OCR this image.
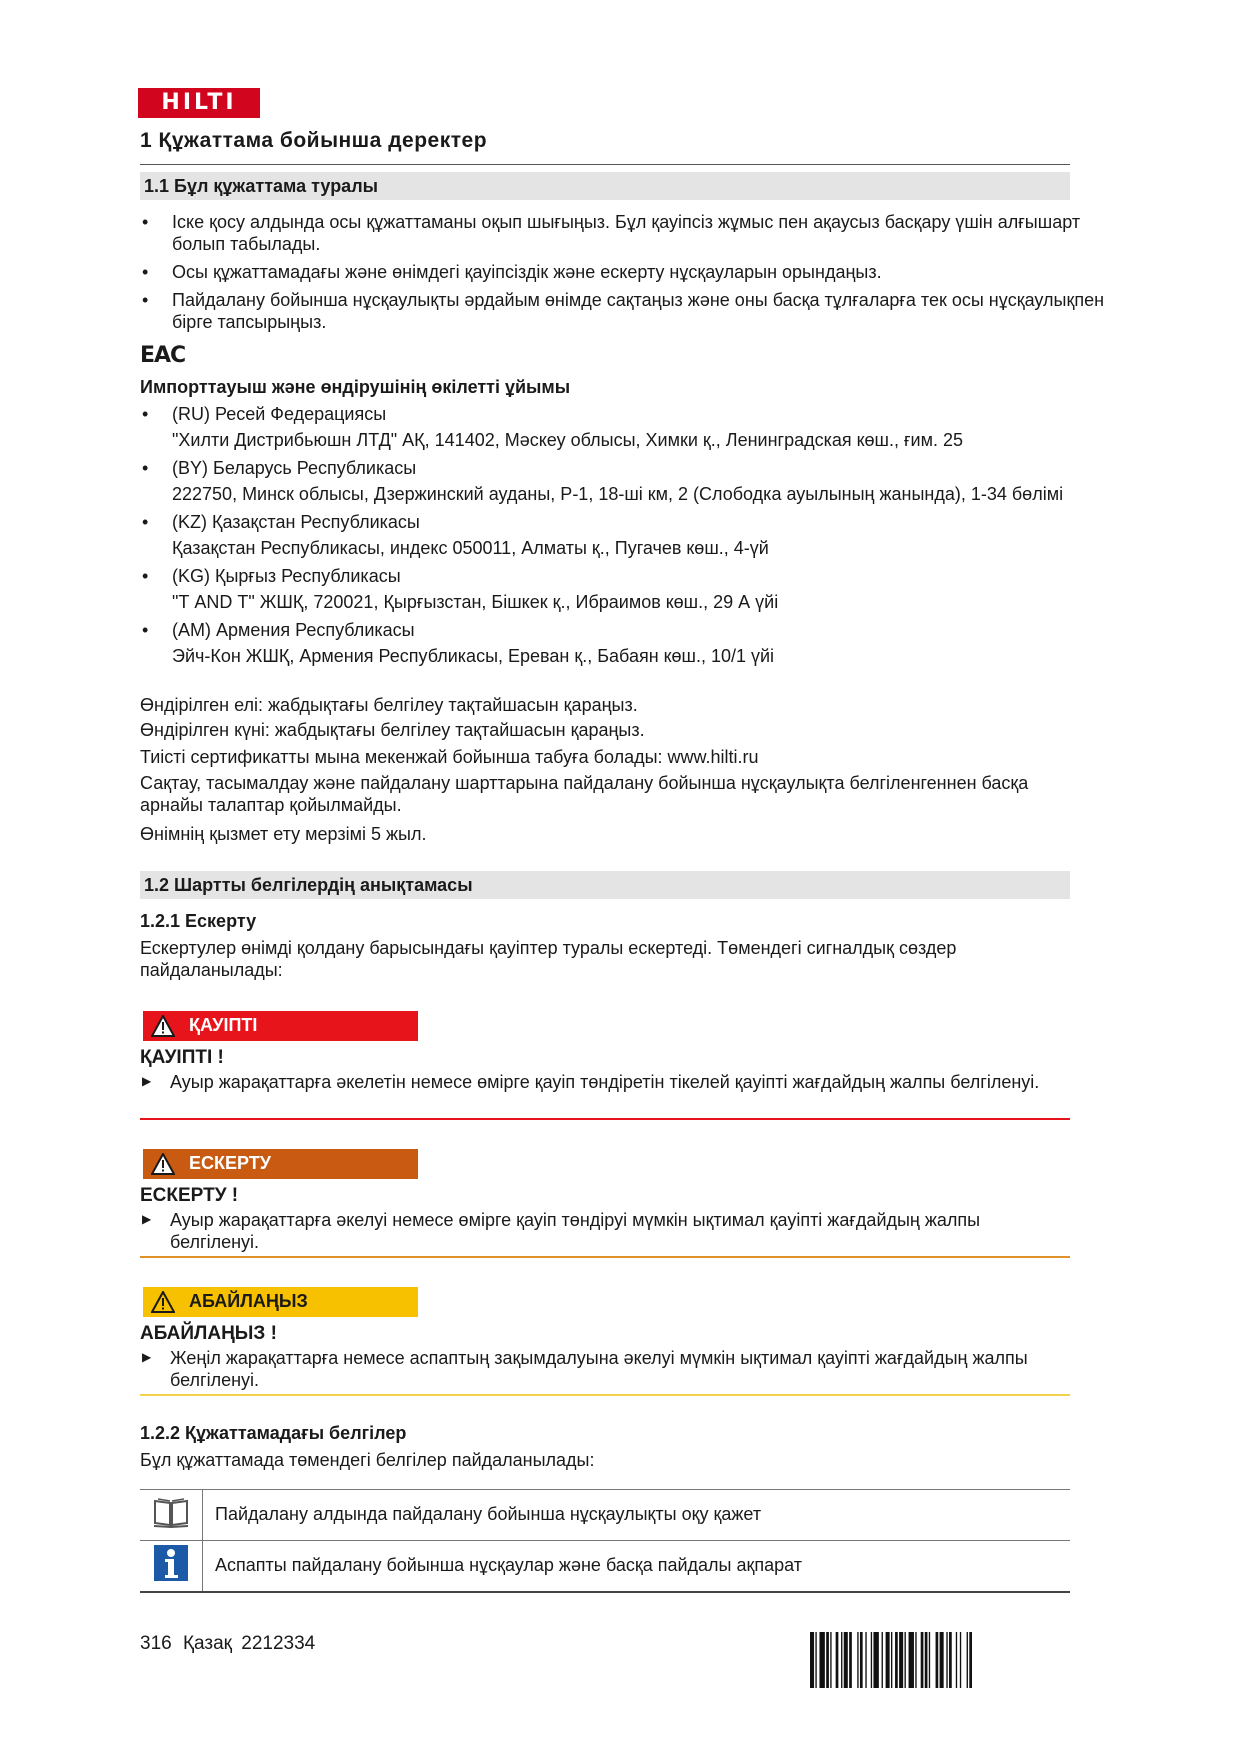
HILTI
1 Құжаттама бойынша деректер
1.1 Бұл құжаттама туралы
• Іске қосу алдында осы құжаттаманы оқып шығыңыз. Бұл қауіпсіз жұмыс пен ақаусыз басқару үшін алғышарт болып табылады.
• Осы құжаттамадағы және өнімдегі қауіпсіздік және ескерту нұсқауларын орындаңыз.
• Пайдалану бойынша нұсқаулықты әрдайым өнімде сақтаңыз және оны басқа тұлғаларға тек осы нұсқаулықпен бірге тапсырыңыз.
EAC
Импорттауыш және өндірушінің өкілетті ұйымы
• (RU) Ресей Федерациясы
"Хилти Дистрибьюшн ЛТД" АҚ, 141402, Мәскеу облысы, Химки қ., Ленинградская көш., ғим. 25
• (BY) Беларусь Республикасы
222750, Минск облысы, Дзержинский ауданы, Р-1, 18-ші км, 2 (Слободка ауылының жанында), 1-34 бөлімі
• (KZ) Қазақстан Республикасы
Қазақстан Республикасы, индекс 050011, Алматы қ., Пугачев көш., 4-үй
• (KG) Қырғыз Республикасы
"Т AND Т" ЖШҚ, 720021, Қырғызстан, Бішкек қ., Ибраимов көш., 29 А үйі
• (AM) Армения Республикасы
Эйч-Кон ЖШҚ, Армения Республикасы, Ереван қ., Бабаян көш., 10/1 үйі
Өндірілген елі: жабдықтағы белгілеу тақтайшасын қараңыз.
Өндірілген күні: жабдықтағы белгілеу тақтайшасын қараңыз.
Тиісті сертификатты мына мекенжай бойынша табуға болады: www.hilti.ru
Сақтау, тасымалдау және пайдалану шарттарына пайдалану бойынша нұсқаулықта белгіленгеннен басқа арнайы талаптар қойылмайды.
Өнімнің қызмет ету мерзімі 5 жыл.
1.2 Шартты белгілердің анықтамасы
1.2.1 Ескерту
Ескертулер өнімді қолдану барысындағы қауіптер туралы ескертеді. Төмендегі сигналдық сөздер пайдаланылады:
ҚАУІПТІ
ҚАУІПТІ !
▶ Ауыр жарақаттарға әкелетін немесе өмірге қауіп төндіретін тікелей қауіпті жағдайдың жалпы белгіленуі.
ЕСКЕРТУ
ЕСКЕРТУ !
▶ Ауыр жарақаттарға әкелуі немесе өмірге қауіп төндіруі мүмкін ықтимал қауіпті жағдайдың жалпы белгіленуі.
АБАЙЛАҢЫЗ
АБАЙЛАҢЫЗ !
▶ Жеңіл жарақаттарға немесе аспаптың зақымдалуына әкелуі мүмкін ықтимал қауіпті жағдайдың жалпы белгіленуі.
1.2.2 Құжаттамадағы белгілер
Бұл құжаттамада төмендегі белгілер пайдаланылады:
	Пайдалану алдында пайдалану бойынша нұсқаулықты оқу қажет
	Аспапты пайдалану бойынша нұсқаулар және басқа пайдалы ақпарат
316 Қазақ 2212334
